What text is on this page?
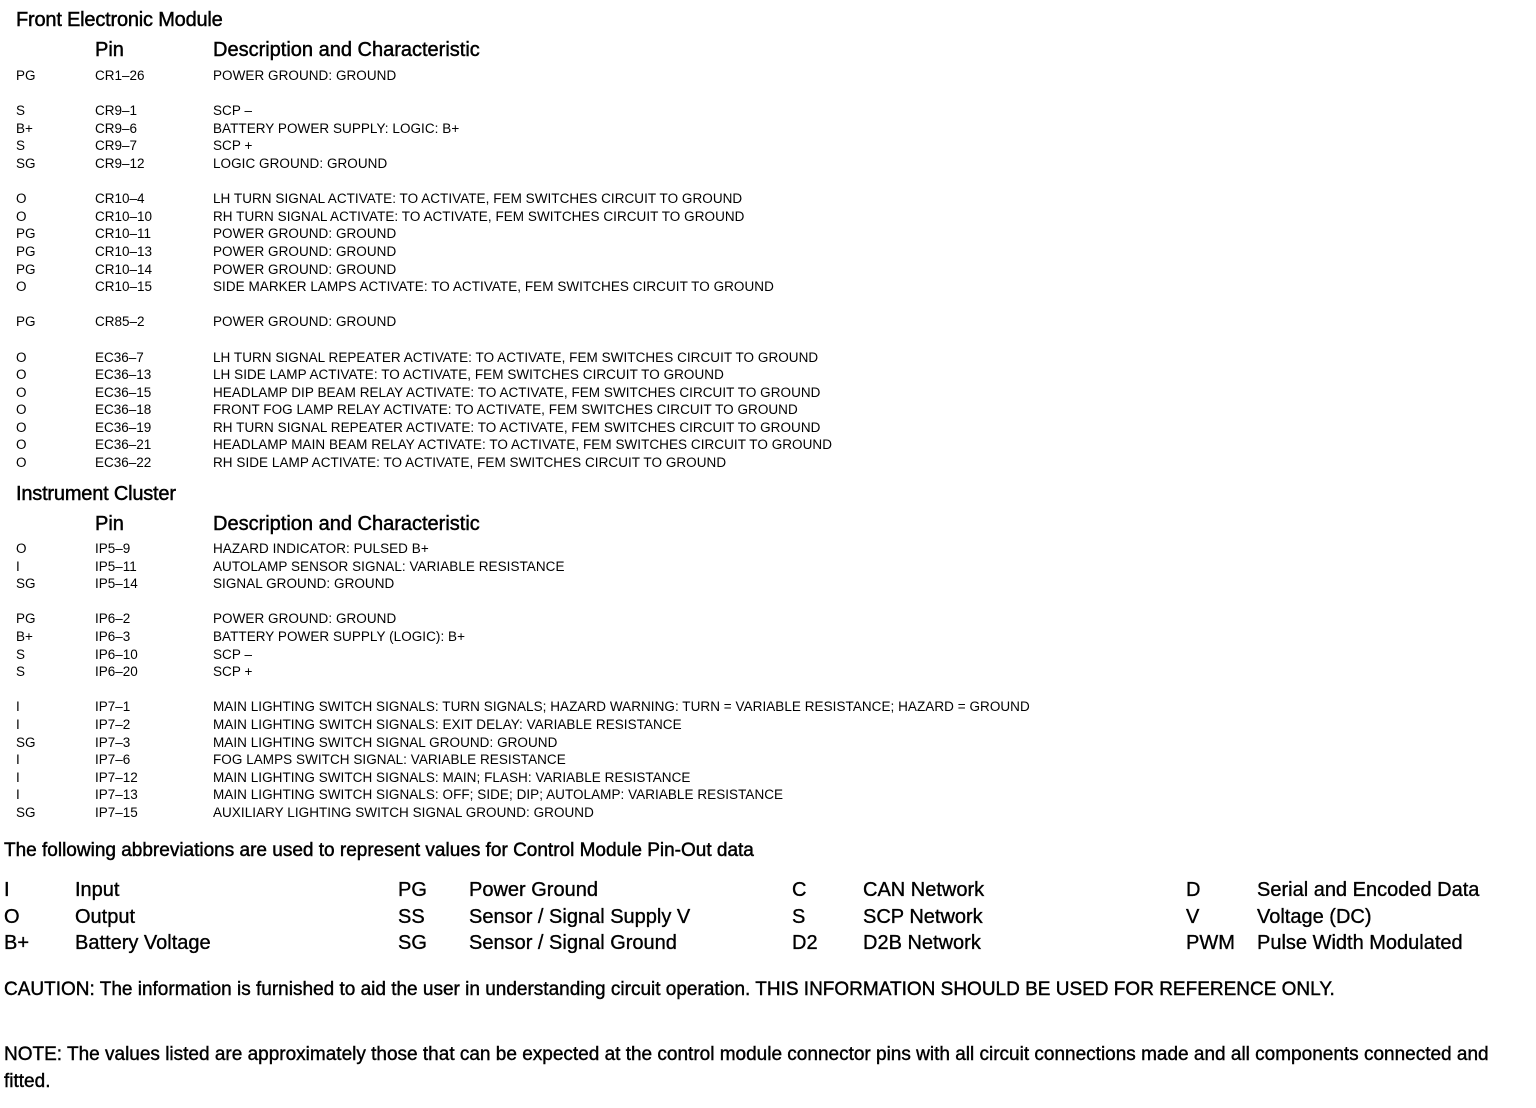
Front Electronic Module
Pin	Description and Characteristic
PG	CR1–26	POWER GROUND: GROUND
S	CR9–1	SCP –
B+	CR9–6	BATTERY POWER SUPPLY: LOGIC: B+
S	CR9–7	SCP +
SG	CR9–12	LOGIC GROUND: GROUND
O	CR10–4	LH TURN SIGNAL ACTIVATE: TO ACTIVATE, FEM SWITCHES CIRCUIT TO GROUND
O	CR10–10	RH TURN SIGNAL ACTIVATE: TO ACTIVATE, FEM SWITCHES CIRCUIT TO GROUND
PG	CR10–11	POWER GROUND: GROUND
PG	CR10–13	POWER GROUND: GROUND
PG	CR10–14	POWER GROUND: GROUND
O	CR10–15	SIDE MARKER LAMPS ACTIVATE: TO ACTIVATE, FEM SWITCHES CIRCUIT TO GROUND
PG	CR85–2	POWER GROUND: GROUND
O	EC36–7	LH TURN SIGNAL REPEATER ACTIVATE: TO ACTIVATE, FEM SWITCHES CIRCUIT TO GROUND
O	EC36–13	LH SIDE LAMP ACTIVATE: TO ACTIVATE, FEM SWITCHES CIRCUIT TO GROUND
O	EC36–15	HEADLAMP DIP BEAM RELAY ACTIVATE: TO ACTIVATE, FEM SWITCHES CIRCUIT TO GROUND
O	EC36–18	FRONT FOG LAMP RELAY ACTIVATE: TO ACTIVATE, FEM SWITCHES CIRCUIT TO GROUND
O	EC36–19	RH TURN SIGNAL REPEATER ACTIVATE: TO ACTIVATE, FEM SWITCHES CIRCUIT TO GROUND
O	EC36–21	HEADLAMP MAIN BEAM RELAY ACTIVATE: TO ACTIVATE, FEM SWITCHES CIRCUIT TO GROUND
O	EC36–22	RH SIDE LAMP ACTIVATE: TO ACTIVATE, FEM SWITCHES CIRCUIT TO GROUND
Instrument Cluster
Pin	Description and Characteristic
O	IP5–9	HAZARD INDICATOR: PULSED B+
I	IP5–11	AUTOLAMP SENSOR SIGNAL: VARIABLE RESISTANCE
SG	IP5–14	SIGNAL GROUND: GROUND
PG	IP6–2	POWER GROUND: GROUND
B+	IP6–3	BATTERY POWER SUPPLY (LOGIC): B+
S	IP6–10	SCP –
S	IP6–20	SCP +
I	IP7–1	MAIN LIGHTING SWITCH SIGNALS: TURN SIGNALS; HAZARD WARNING: TURN = VARIABLE RESISTANCE; HAZARD = GROUND
I	IP7–2	MAIN LIGHTING SWITCH SIGNALS: EXIT DELAY: VARIABLE RESISTANCE
SG	IP7–3	MAIN LIGHTING SWITCH SIGNAL GROUND: GROUND
I	IP7–6	FOG LAMPS SWITCH SIGNAL: VARIABLE RESISTANCE
I	IP7–12	MAIN LIGHTING SWITCH SIGNALS: MAIN; FLASH: VARIABLE RESISTANCE
I	IP7–13	MAIN LIGHTING SWITCH SIGNALS: OFF; SIDE; DIP; AUTOLAMP: VARIABLE RESISTANCE
SG	IP7–15	AUXILIARY LIGHTING SWITCH SIGNAL GROUND: GROUND
The following abbreviations are used to represent values for Control Module Pin-Out data
I	Input	PG Power Ground	C	CAN Network	D	Serial and Encoded Data
O	Output	SS Sensor / Signal Supply V	S	SCP Network	V	Voltage (DC)
B+ Battery Voltage	SG Sensor / Signal Ground	D2 D2B Network	PWM Pulse Width Modulated
CAUTION: The information is furnished to aid the user in understanding circuit operation. THIS INFORMATION SHOULD BE USED FOR REFERENCE ONLY.
NOTE: The values listed are approximately those that can be expected at the control module connector pins with all circuit connections made and all components connected and fitted.
